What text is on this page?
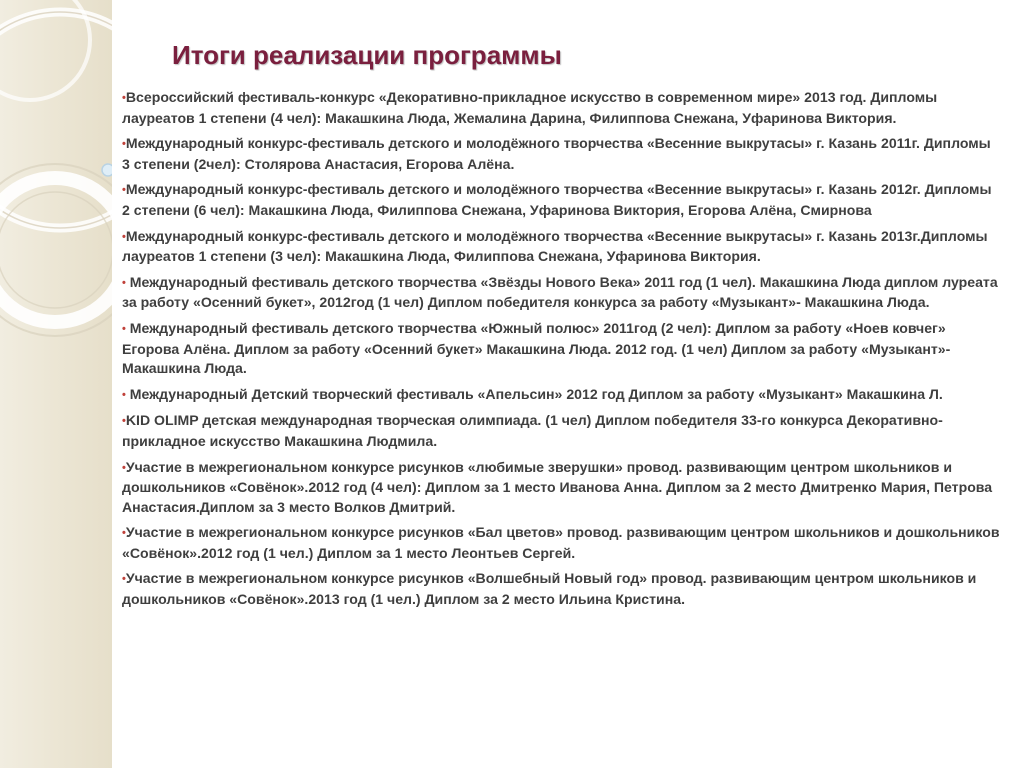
Итоги реализации программы

•Всероссийский фестиваль-конкурс «Декоративно-прикладное искусство в современном мире» 2013 год. Дипломы лауреатов 1 степени (4 чел): Макашкина Люда, Жемалина Дарина, Филиппова Снежана, Уфаринова Виктория.

•Международный конкурс-фестиваль детского и молодёжного творчества «Весенние выкрутасы» г. Казань 2011г. Дипломы 3 степени (2чел): Столярова Анастасия, Егорова Алёна.

•Международный конкурс-фестиваль детского и молодёжного творчества «Весенние выкрутасы» г. Казань 2012г. Дипломы 2 степени (6 чел): Макашкина Люда, Филиппова Снежана, Уфаринова Виктория, Егорова Алёна, Смирнова

•Международный конкурс-фестиваль детского и молодёжного творчества «Весенние выкрутасы» г. Казань 2013г.Дипломы лауреатов 1 степени (3 чел): Макашкина Люда, Филиппова Снежана, Уфаринова Виктория.

• Международный фестиваль детского творчества «Звёзды Нового Века» 2011 год (1 чел). Макашкина Люда диплом луреата за работу «Осенний букет», 2012год (1 чел) Диплом победителя конкурса за работу «Музыкант»- Макашкина Люда.

• Международный фестиваль детского творчества «Южный полюс» 2011год (2 чел): Диплом за работу «Ноев ковчег» Егорова Алёна. Диплом за работу «Осенний букет» Макашкина Люда. 2012 год. (1 чел) Диплом за работу «Музыкант»- Макашкина Люда.

• Международный Детский творческий фестиваль «Апельсин» 2012 год Диплом за работу «Музыкант» Макашкина Л.

•KID OLIMP детская международная творческая олимпиада. (1 чел) Диплом победителя 33-го конкурса Декоративно-прикладное искусство Макашкина Людмила.

•Участие в межрегиональном конкурсе рисунков «любимые зверушки» провод. развивающим центром школьников и дошкольников «Совёнок».2012 год (4 чел): Диплом за 1 место Иванова Анна. Диплом за 2 место Дмитренко Мария, Петрова Анастасия.Диплом за 3 место Волков Дмитрий.

•Участие в межрегиональном конкурсе рисунков «Бал цветов» провод. развивающим центром школьников и дошкольников «Совёнок».2012 год (1 чел.) Диплом за 1 место Леонтьев Сергей.

•Участие в межрегиональном конкурсе рисунков «Волшебный Новый год» провод. развивающим центром школьников и дошкольников «Совёнок».2013 год (1 чел.) Диплом за 2 место Ильина Кристина.
